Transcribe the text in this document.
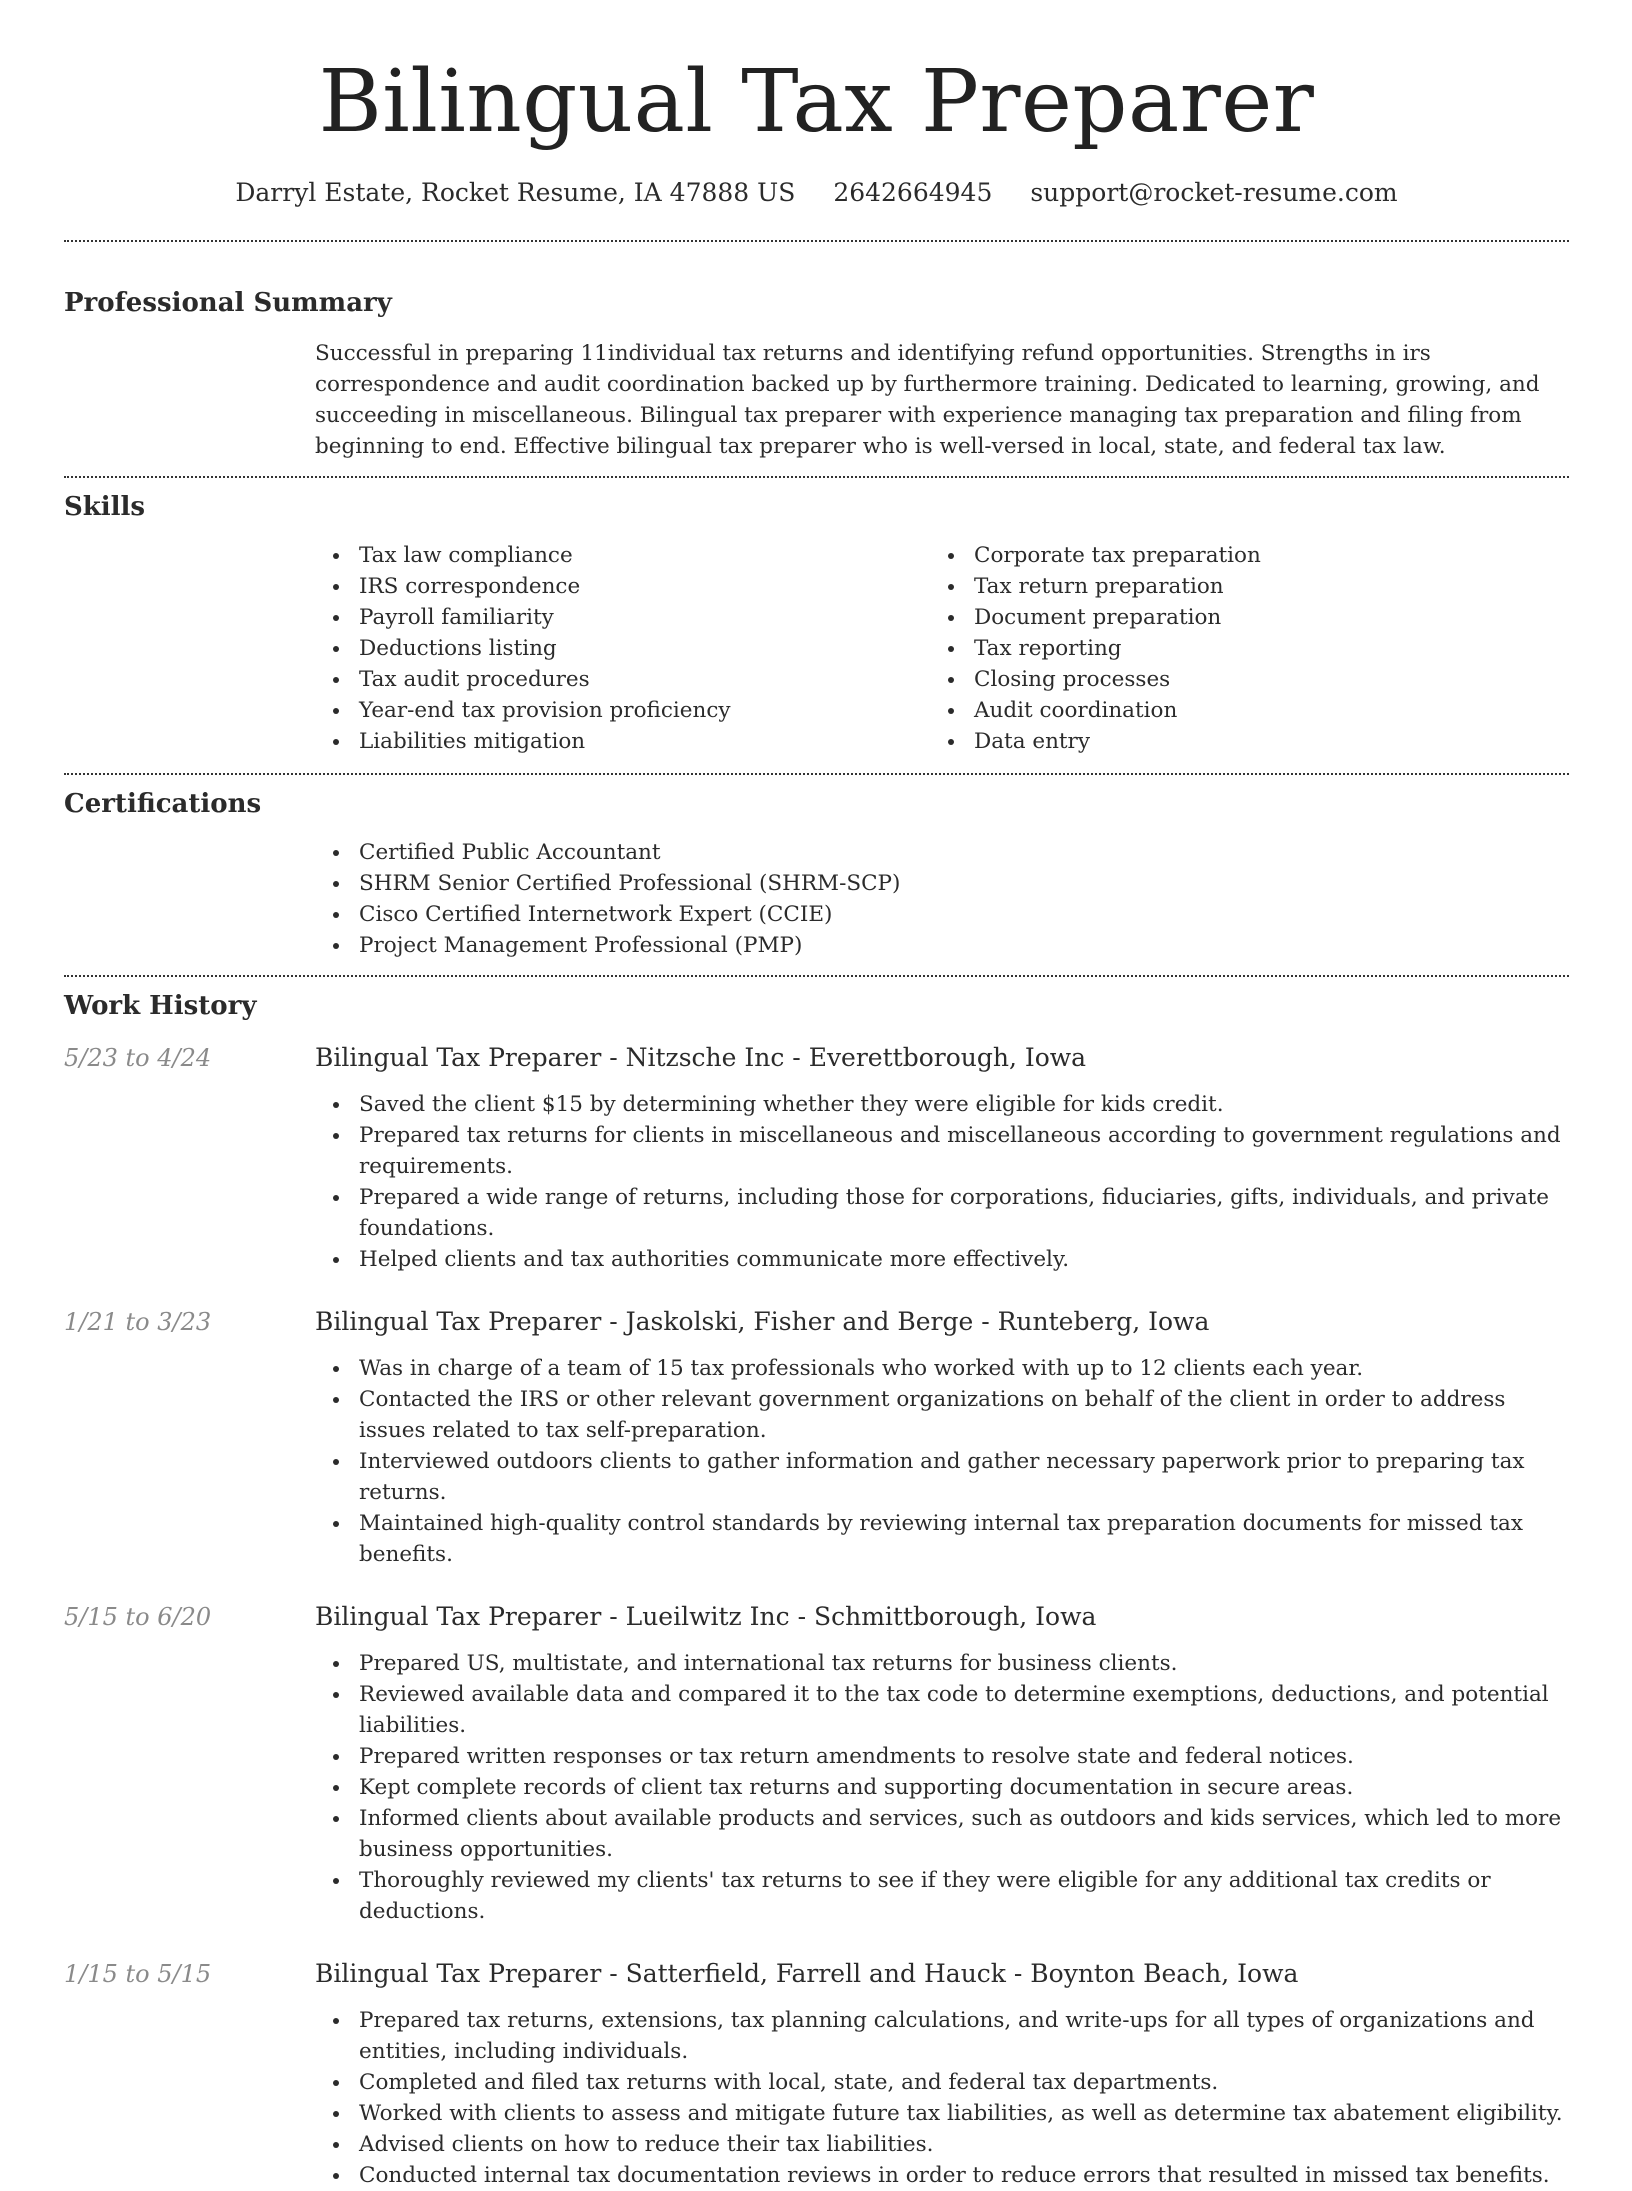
Bilingual Tax Preparer
Darryl Estate, Rocket Resume, IA 47888 US 2642664945 support@rocket-resume.com
Professional Summary

Successful in preparing 11individual tax returns and identifying refund opportunities. Strengths in irs correspondence and audit coordination backed up by furthermore training. Dedicated to learning, growing, and succeeding in miscellaneous. Bilingual tax preparer with experience managing tax preparation and filing from beginning to end. Effective bilingual tax preparer who is well-versed in local, state, and federal tax law.

Skills
Tax law compliance
IRS correspondence
Payroll familiarity
Deductions listing
Tax audit procedures
Year-end tax provision proficiency
Liabilities mitigation
Corporate tax preparation
Tax return preparation
Document preparation
Tax reporting
Closing processes
Audit coordination
Data entry
Certifications
Certified Public Accountant
SHRM Senior Certified Professional (SHRM-SCP)
Cisco Certified Internetwork Expert (CCIE)
Project Management Professional (PMP)
Work History
5/23 to 4/24	Bilingual Tax Preparer - Nitzsche Inc - Everettborough, Iowa
Saved the client $15 by determining whether they were eligible for kids credit.
Prepared tax returns for clients in miscellaneous and miscellaneous according to government regulations and requirements.
Prepared a wide range of returns, including those for corporations, fiduciaries, gifts, individuals, and private foundations.
Helped clients and tax authorities communicate more effectively.
1/21 to 3/23	Bilingual Tax Preparer - Jaskolski, Fisher and Berge - Runteberg, Iowa
Was in charge of a team of 15 tax professionals who worked with up to 12 clients each year.
Contacted the IRS or other relevant government organizations on behalf of the client in order to address issues related to tax self-preparation.
Interviewed outdoors clients to gather information and gather necessary paperwork prior to preparing tax returns.
Maintained high-quality control standards by reviewing internal tax preparation documents for missed tax benefits.
5/15 to 6/20	Bilingual Tax Preparer - Lueilwitz Inc - Schmittborough, Iowa
Prepared US, multistate, and international tax returns for business clients.
Reviewed available data and compared it to the tax code to determine exemptions, deductions, and potential liabilities.
Prepared written responses or tax return amendments to resolve state and federal notices.
Kept complete records of client tax returns and supporting documentation in secure areas.
Informed clients about available products and services, such as outdoors and kids services, which led to more business opportunities.
Thoroughly reviewed my clients' tax returns to see if they were eligible for any additional tax credits or deductions.
1/15 to 5/15	Bilingual Tax Preparer - Satterfield, Farrell and Hauck - Boynton Beach, Iowa
Prepared tax returns, extensions, tax planning calculations, and write-ups for all types of organizations and entities, including individuals.
Completed and filed tax returns with local, state, and federal tax departments.
Worked with clients to assess and mitigate future tax liabilities, as well as determine tax abatement eligibility.
Advised clients on how to reduce their tax liabilities.
Conducted internal tax documentation reviews in order to reduce errors that resulted in missed tax benefits.
